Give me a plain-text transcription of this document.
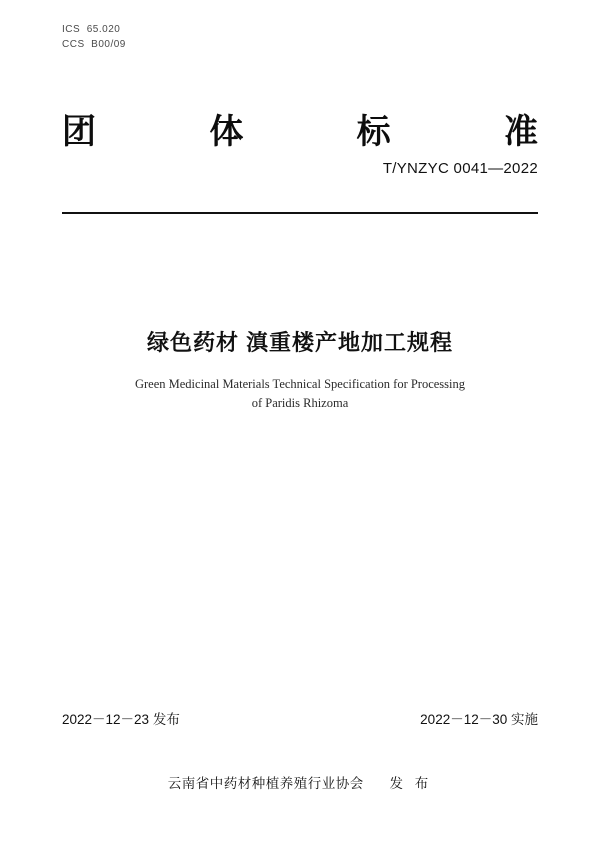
ICS  65.020
CCS  B00/09
团	体	标	准
T/YNZYC 0041—2022
绿色药材 滇重楼产地加工规程
Green Medicinal Materials Technical Specification for Processing
of Paridis Rhizoma
2022－12－23 发布	2022－12－30 实施
云南省中药材种植养殖行业协会 发 布
